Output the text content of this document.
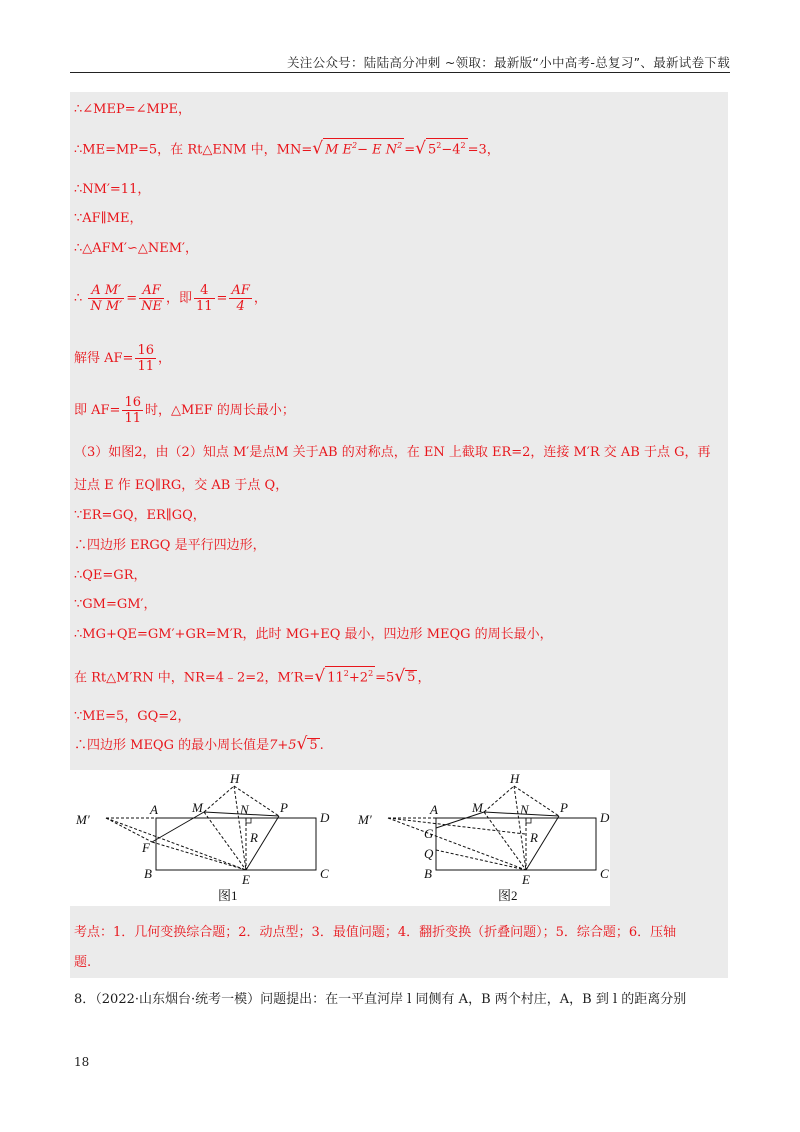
关注公众号：陆陆高分冲刺 ~领取：最新版“小中高考-总复习”、最新试卷下载
∴∠MEP=∠MPE，
∴ME=MP=5，在 Rt△ENM 中，MN=√ M $E^2- E$ $N^2$ =√ $5^2-4^2 =3$，
∴NM′=11，
∵AF∥ME，
∴△AFM′∽△NEM′，
∴ $\frac{\text{A M′}}{\text{N M′}} = \frac{AF}{NE}$ ，即 $\frac{4}{11} = \frac{AF}{4}$ ，
解得 $AF= \frac{16}{11}$ ，
即 $AF= \frac{16}{11}$ 时，△MEF 的周长最小；
（3）如图2，由（2）知点 M′是点M 关于AB 的对称点，在 EN 上截取 ER=2，连接 M′R 交 AB 于点 G，再
过点 E 作 EQ∥RG，交 AB 于点 Q，
∵ER=GQ，ER∥GQ，
∴四边形 ERGQ 是平行四边形，
∴QE=GR，
∵GM=GM′，
∴MG+QE=GM′+GR=M′R，此时 MG+EQ 最小，四边形 MEQG 的周长最小，
在 Rt△M′RN 中，NR=4﹣2=2，M′R=√ $11^2+2^2 =5√$ 5 ，
∵ME=5，GQ=2，
∴四边形 MEQG 的最小周长值是7+5√ 5 .
H
A	M	N P
D
M′
F
R
B	E	C
图1
H
A	M	N P
D
M′
G
Q
R
B	E	C
图2
考点：1．几何变换综合题；2．动点型；3．最值问题；4．翻折变换（折叠问题）；5．综合题；6．压轴
题.
8．（2022·山东烟台·统考一模）问题提出：在一平直河岸 l 同侧有 A，B 两个村庄，A，B 到 l 的距离分别
18
